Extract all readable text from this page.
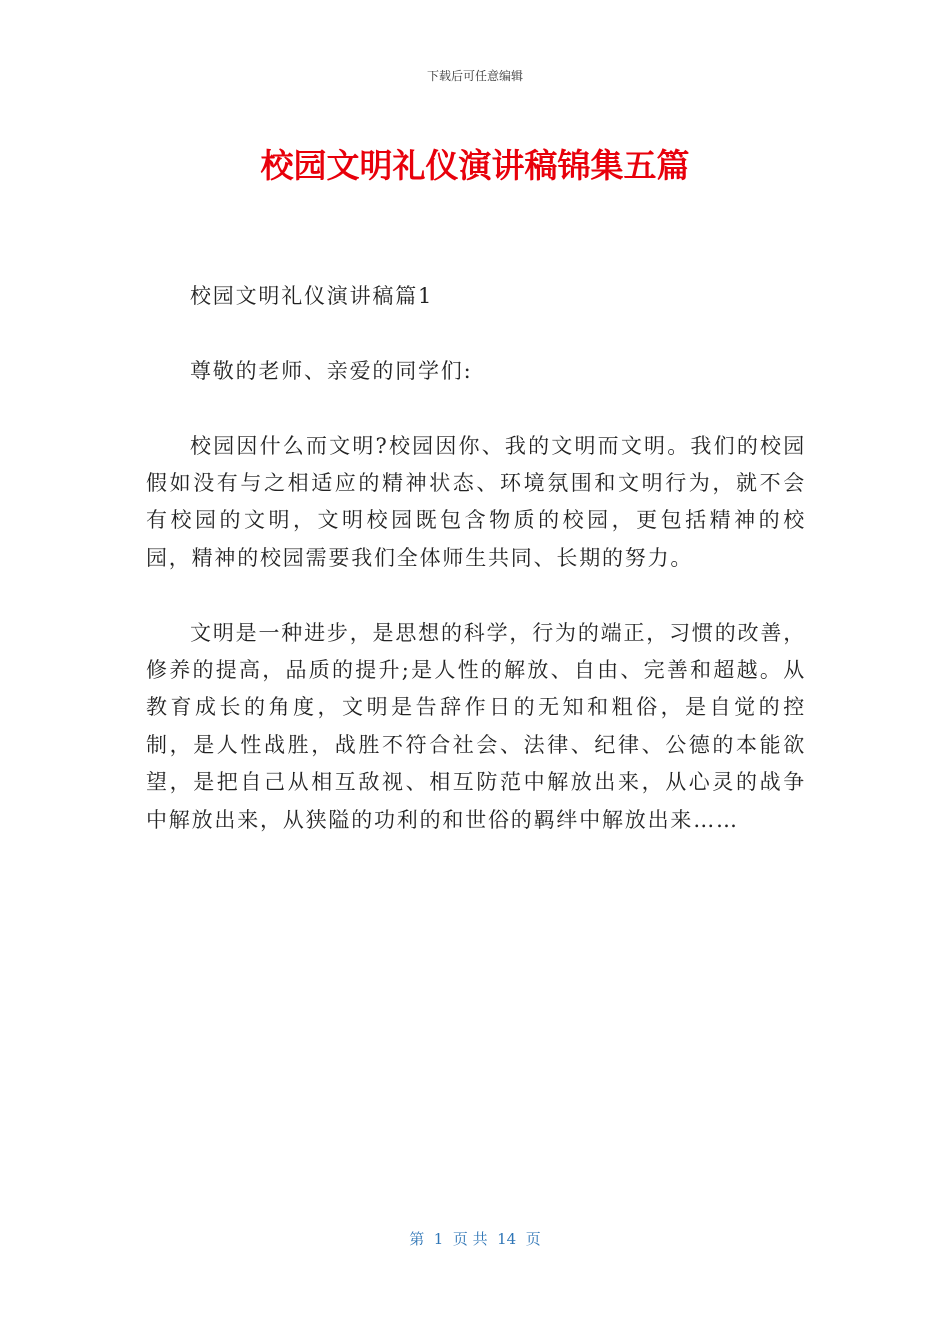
下载后可任意编辑
校园文明礼仪演讲稿锦集五篇

校园文明礼仪演讲稿篇1

尊敬的老师、亲爱的同学们:

校园因什么而文明?校园因你、我的文明而文明。我们的校园假如没有与之相适应的精神状态、环境氛围和文明行为，就不会有校园的文明，文明校园既包含物质的校园，更包括精神的校园，精神的校园需要我们全体师生共同、长期的努力。

文明是一种进步，是思想的科学，行为的端正，习惯的改善，修养的提高，品质的提升;是人性的解放、自由、完善和超越。从教育成长的角度，文明是告辞作日的无知和粗俗，是自觉的控制，是人性战胜，战胜不符合社会、法律、纪律、公德的本能欲望，是把自己从相互敌视、相互防范中解放出来，从心灵的战争中解放出来，从狭隘的功利的和世俗的羁绊中解放出来……

第  1  页 共  14  页
